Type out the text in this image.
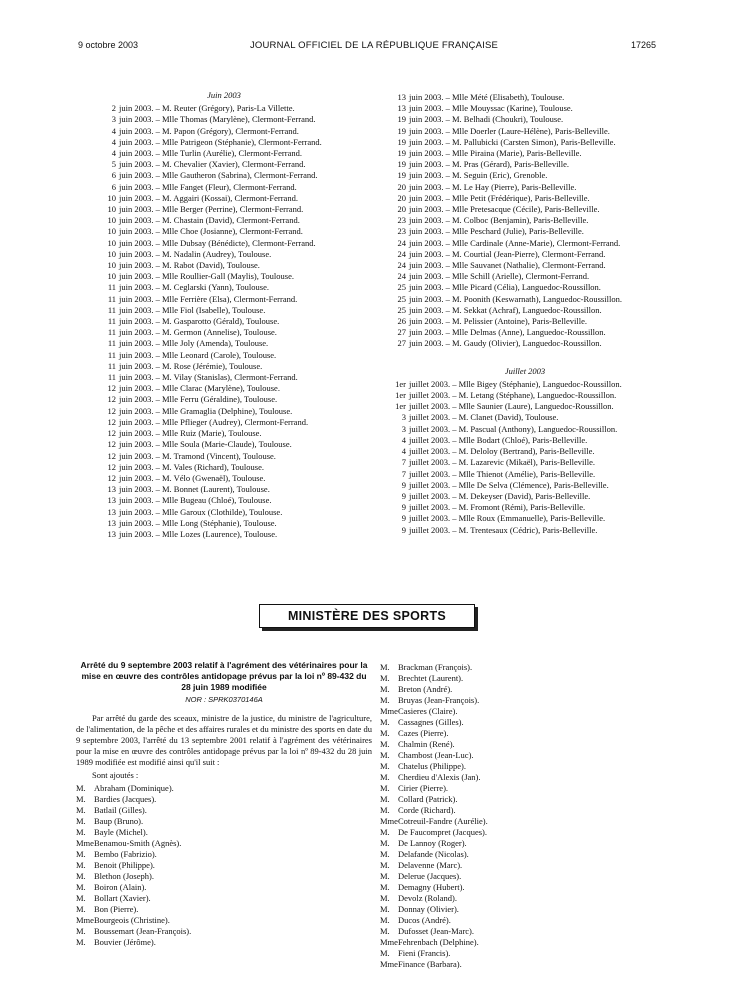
9 octobre 2003	JOURNAL OFFICIEL DE LA RÉPUBLIQUE FRANÇAISE	17265
Juin 2003
2 juin 2003. – M. Reuter (Grégory), Paris-La Villette.
3 juin 2003. – Mlle Thomas (Marylène), Clermont-Ferrand.
4 juin 2003. – M. Papon (Grégory), Clermont-Ferrand.
4 juin 2003. – Mlle Patrigeon (Stéphanie), Clermont-Ferrand.
4 juin 2003. – Mlle Turlin (Aurélie), Clermont-Ferrand.
5 juin 2003. – M. Chevalier (Xavier), Clermont-Ferrand.
6 juin 2003. – Mlle Gautheron (Sabrina), Clermont-Ferrand.
6 juin 2003. – Mlle Fanget (Fleur), Clermont-Ferrand.
10 juin 2003. – M. Aggairi (Kossai), Clermont-Ferrand.
10 juin 2003. – Mlle Berger (Perrine), Clermont-Ferrand.
10 juin 2003. – M. Chastain (David), Clermont-Ferrand.
10 juin 2003. – Mlle Choe (Josianne), Clermont-Ferrand.
10 juin 2003. – Mlle Dubsay (Bénédicte), Clermont-Ferrand.
10 juin 2003. – M. Nadalin (Audrey), Toulouse.
10 juin 2003. – M. Rabot (David), Toulouse.
10 juin 2003. – Mlle Roullier-Gall (Maylis), Toulouse.
11 juin 2003. – M. Ceglarski (Yann), Toulouse.
11 juin 2003. – Mlle Ferrière (Elsa), Clermont-Ferrand.
11 juin 2003. – Mlle Fiol (Isabelle), Toulouse.
11 juin 2003. – M. Gasparotto (Gérald), Toulouse.
11 juin 2003. – M. Germon (Annelise), Toulouse.
11 juin 2003. – Mlle Joly (Amenda), Toulouse.
11 juin 2003. – Mlle Leonard (Carole), Toulouse.
11 juin 2003. – M. Rose (Jérémie), Toulouse.
11 juin 2003. – M. Vilay (Stanislas), Clermont-Ferrand.
12 juin 2003. – Mlle Clarac (Marylène), Toulouse.
12 juin 2003. – Mlle Ferru (Géraldine), Toulouse.
12 juin 2003. – Mlle Gramaglia (Delphine), Toulouse.
12 juin 2003. – Mlle Pflieger (Audrey), Clermont-Ferrand.
12 juin 2003. – Mlle Ruiz (Marie), Toulouse.
12 juin 2003. – Mlle Soula (Marie-Claude), Toulouse.
12 juin 2003. – M. Tramond (Vincent), Toulouse.
12 juin 2003. – M. Vales (Richard), Toulouse.
12 juin 2003. – M. Vélo (Gwenaël), Toulouse.
13 juin 2003. – M. Bonnet (Laurent), Toulouse.
13 juin 2003. – Mlle Bugeau (Chloé), Toulouse.
13 juin 2003. – Mlle Garoux (Clothilde), Toulouse.
13 juin 2003. – Mlle Long (Stéphanie), Toulouse.
13 juin 2003. – Mlle Lozes (Laurence), Toulouse.
13 juin 2003. – Mlle Mété (Elisabeth), Toulouse.
13 juin 2003. – Mlle Mouyssac (Karine), Toulouse.
19 juin 2003. – M. Belhadi (Choukri), Toulouse.
19 juin 2003. – Mlle Doerler (Laure-Hélène), Paris-Belleville.
19 juin 2003. – M. Pallubicki (Carsten Simon), Paris-Belleville.
19 juin 2003. – Mlle Piraina (Marie), Paris-Belleville.
19 juin 2003. – M. Pras (Gérard), Paris-Belleville.
19 juin 2003. – M. Seguin (Eric), Grenoble.
20 juin 2003. – M. Le Hay (Pierre), Paris-Belleville.
20 juin 2003. – Mlle Petit (Frédérique), Paris-Belleville.
20 juin 2003. – Mlle Pretesacque (Cécile), Paris-Belleville.
23 juin 2003. – M. Colboc (Benjamin), Paris-Belleville.
23 juin 2003. – Mlle Peschard (Julie), Paris-Belleville.
24 juin 2003. – Mlle Cardinale (Anne-Marie), Clermont-Ferrand.
24 juin 2003. – M. Courtial (Jean-Pierre), Clermont-Ferrand.
24 juin 2003. – Mlle Sauvanet (Nathalie), Clermont-Ferrand.
24 juin 2003. – Mlle Schill (Arielle), Clermont-Ferrand.
25 juin 2003. – Mlle Picard (Célia), Languedoc-Roussillon.
25 juin 2003. – M. Poonith (Keswarnath), Languedoc-Roussillon.
25 juin 2003. – M. Sekkat (Achraf), Languedoc-Roussillon.
26 juin 2003. – M. Pelissier (Antoine), Paris-Belleville.
27 juin 2003. – Mlle Delmas (Anne), Languedoc-Roussillon.
27 juin 2003. – M. Gaudy (Olivier), Languedoc-Roussillon.
Juillet 2003
1er juillet 2003. – Mlle Bigey (Stéphanie), Languedoc-Roussillon.
1er juillet 2003. – M. Letang (Stéphane), Languedoc-Roussillon.
1er juillet 2003. – Mlle Saunier (Laure), Languedoc-Roussillon.
3 juillet 2003. – M. Clanet (David), Toulouse.
3 juillet 2003. – M. Pascual (Anthony), Languedoc-Roussillon.
4 juillet 2003. – Mlle Bodart (Chloé), Paris-Belleville.
4 juillet 2003. – M. Deloloy (Bertrand), Paris-Belleville.
7 juillet 2003. – M. Lazarevic (Mikaël), Paris-Belleville.
7 juillet 2003. – Mlle Thienot (Amélie), Paris-Belleville.
9 juillet 2003. – Mlle De Selva (Clémence), Paris-Belleville.
9 juillet 2003. – M. Dekeyser (David), Paris-Belleville.
9 juillet 2003. – M. Fromont (Rémi), Paris-Belleville.
9 juillet 2003. – Mlle Roux (Emmanuelle), Paris-Belleville.
9 juillet 2003. – M. Trentesaux (Cédric), Paris-Belleville.
MINISTÈRE DES SPORTS
Arrêté du 9 septembre 2003 relatif à l'agrément des vétérinaires pour la mise en œuvre des contrôles antidopage prévus par la loi nº 89-432 du 28 juin 1989 modifiée
NOR : SPRK0370146A
Par arrêté du garde des sceaux, ministre de la justice, du ministre de l'agriculture, de l'alimentation, de la pêche et des affaires rurales et du ministre des sports en date du 9 septembre 2003, l'arrêté du 13 septembre 2001 relatif à l'agrément des vétérinaires pour la mise en œuvre des contrôles antidopage prévus par la loi nº 89-432 du 28 juin 1989 modifiée est modifié ainsi qu'il suit :
Sont ajoutés :
M. Abraham (Dominique).
M. Bardies (Jacques).
M. Batlail (Gilles).
M. Baup (Bruno).
M. Bayle (Michel).
Mme Benamou-Smith (Agnès).
M. Bembo (Fabrizio).
M. Benoit (Philippe).
M. Blethon (Joseph).
M. Boiron (Alain).
M. Bollart (Xavier).
M. Bon (Pierre).
Mme Bourgeois (Christine).
M. Boussemart (Jean-François).
M. Bouvier (Jérôme).
M. Brackman (François).
M. Brechtet (Laurent).
M. Breton (André).
M. Bruyas (Jean-François).
Mme Casieres (Claire).
M. Cassagnes (Gilles).
M. Cazes (Pierre).
M. Chalmin (René).
M. Chambost (Jean-Luc).
M. Chatelus (Philippe).
M. Cherdieu d'Alexis (Jan).
M. Cirier (Pierre).
M. Collard (Patrick).
M. Corde (Richard).
Mme Cotreuil-Fandre (Aurélie).
M. De Faucompret (Jacques).
M. De Lannoy (Roger).
M. Delafande (Nicolas).
M. Delavenne (Marc).
M. Delerue (Jacques).
M. Demagny (Hubert).
M. Devolz (Roland).
M. Donnay (Olivier).
M. Ducos (André).
M. Dufosset (Jean-Marc).
Mme Fehrenbach (Delphine).
M. Fieni (Francis).
Mme Finance (Barbara).
